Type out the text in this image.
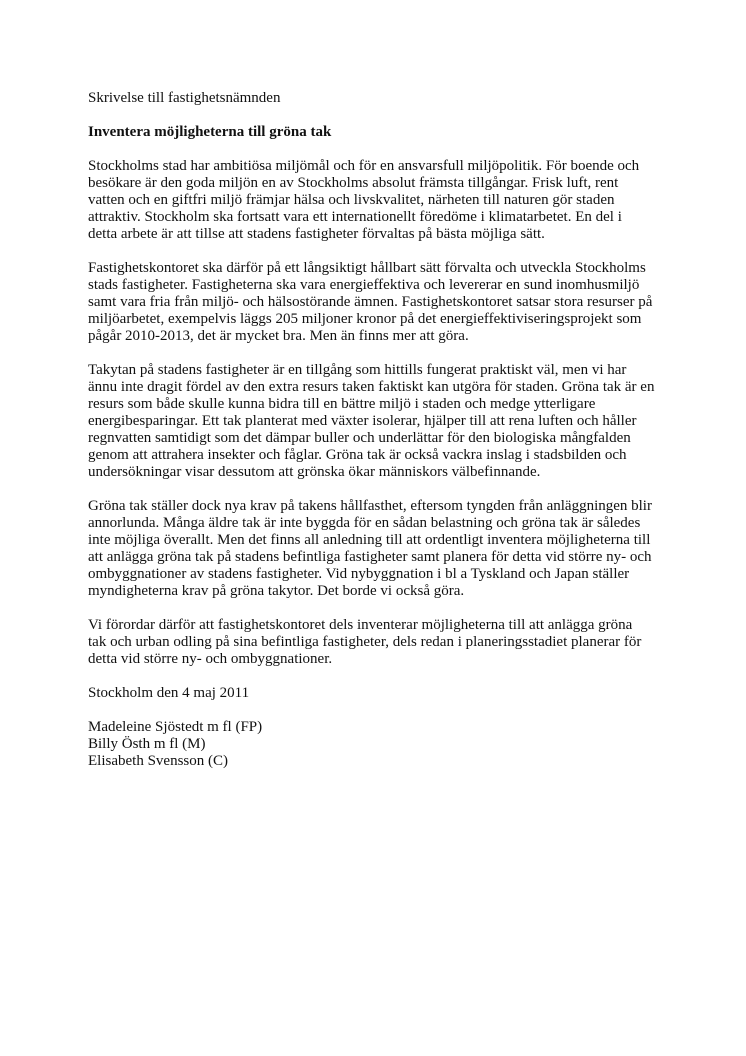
Skrivelse till fastighetsnämnden
Inventera möjligheterna till gröna tak
Stockholms stad har ambitiösa miljömål och för en ansvarsfull miljöpolitik. För boende och
besökare är den goda miljön en av Stockholms absolut främsta tillgångar. Frisk luft, rent
vatten och en giftfri miljö främjar hälsa och livskvalitet, närheten till naturen gör staden
attraktiv. Stockholm ska fortsatt vara ett internationellt föredöme i klimatarbetet. En del i
detta arbete är att tillse att stadens fastigheter förvaltas på bästa möjliga sätt.
Fastighetskontoret ska därför på ett långsiktigt hållbart sätt förvalta och utveckla Stockholms
stads fastigheter. Fastigheterna ska vara energieffektiva och levererar en sund inomhusmiljö
samt vara fria från miljö- och hälsostörande ämnen. Fastighetskontoret satsar stora resurser på
miljöarbetet, exempelvis läggs 205 miljoner kronor på det energieffektiviseringsprojekt som
pågår 2010-2013, det är mycket bra. Men än finns mer att göra.
Takytan på stadens fastigheter är en tillgång som hittills fungerat praktiskt väl, men vi har
ännu inte dragit fördel av den extra resurs taken faktiskt kan utgöra för staden. Gröna tak är en
resurs som både skulle kunna bidra till en bättre miljö i staden och medge ytterligare
energibesparingar. Ett tak planterat med växter isolerar, hjälper till att rena luften och håller
regnvatten samtidigt som det dämpar buller och underlättar för den biologiska mångfalden
genom att attrahera insekter och fåglar. Gröna tak är också vackra inslag i stadsbilden och
undersökningar visar dessutom att grönska ökar människors välbefinnande.
Gröna tak ställer dock nya krav på takens hållfasthet, eftersom tyngden från anläggningen blir
annorlunda. Många äldre tak är inte byggda för en sådan belastning och gröna tak är således
inte möjliga överallt. Men det finns all anledning till att ordentligt inventera möjligheterna till
att anlägga gröna tak på stadens befintliga fastigheter samt planera för detta vid större ny- och
ombyggnationer av stadens fastigheter. Vid nybyggnation i bl a Tyskland och Japan ställer
myndigheterna krav på gröna takytor. Det borde vi också göra.
Vi förordar därför att fastighetskontoret dels inventerar möjligheterna till att anlägga gröna
tak och urban odling på sina befintliga fastigheter, dels redan i planeringsstadiet planerar för
detta vid större ny- och ombyggnationer.
Stockholm den 4 maj 2011
Madeleine Sjöstedt m fl (FP)
Billy Östh m fl (M)
Elisabeth Svensson (C)
